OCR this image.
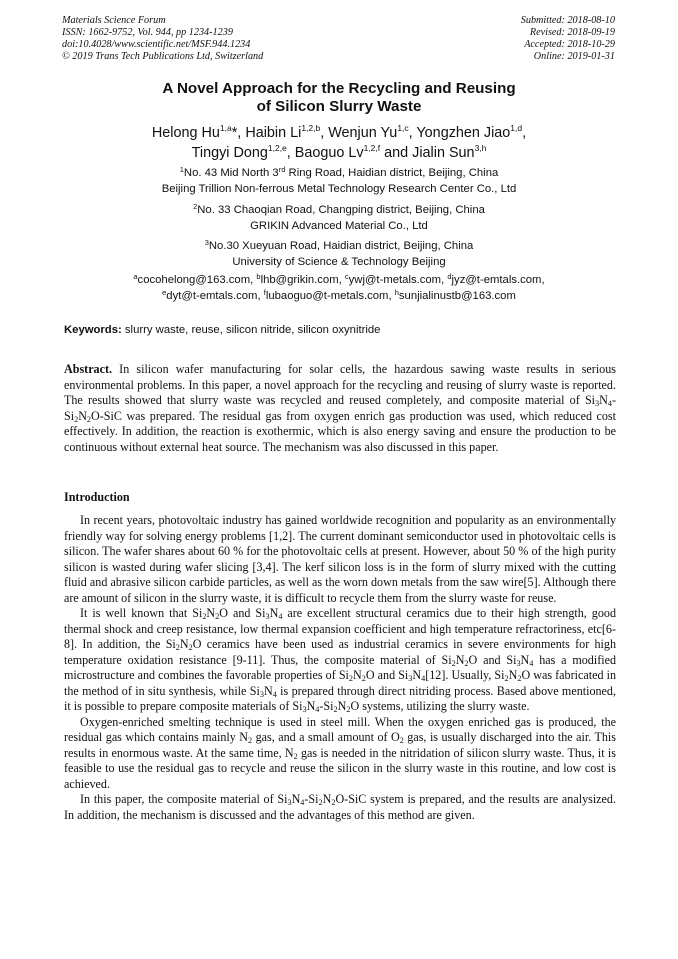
Materials Science Forum
ISSN: 1662-9752, Vol. 944, pp 1234-1239
doi:10.4028/www.scientific.net/MSF.944.1234
© 2019 Trans Tech Publications Ltd, Switzerland
Submitted: 2018-08-10
Revised: 2018-09-19
Accepted: 2018-10-29
Online: 2019-01-31
A Novel Approach for the Recycling and Reusing
of Silicon Slurry Waste
Helong Hu$^{1,a}$*, Haibin Li$^{1,2,b}$, Wenjun Yu$^{1,c}$, Yongzhen Jiao$^{1,d}$,
Tingyi Dong$^{1,2,e}$, Baoguo Lv$^{1,2,f}$ and Jialin Sun$^{3,h}$
$^1$No. 43 Mid North 3rd Ring Road, Haidian district, Beijing, China
Beijing Trillion Non-ferrous Metal Technology Research Center Co., Ltd
$^2$No. 33 Chaoqian Road, Changping district, Beijing, China
GRIKIN Advanced Material Co., Ltd
$^3$No.30 Xueyuan Road, Haidian district, Beijing, China
University of Science & Technology Beijing
$^a$cocohelong@163.com, $^b$lhb@grikin.com, $^c$ywj@t-metals.com, $^d$jyz@t-emtals.com,
$^e$dyt@t-emtals.com, $^f$lubaoguo@t-metals.com, $^h$sunjialinustb@163.com
Keywords: slurry waste, reuse, silicon nitride, silicon oxynitride
Abstract. In silicon wafer manufacturing for solar cells, the hazardous sawing waste results in serious environmental problems. In this paper, a novel approach for the recycling and reusing of slurry waste is reported. The results showed that slurry waste was recycled and reused completely, and composite material of $Si_3N_4-Si_2N_2O$-SiC was prepared. The residual gas from oxygen enrich gas production was used, which reduced cost effectively. In addition, the reaction is exothermic, which is also energy saving and ensure the production to be continuous without external heat source. The mechanism was also discussed in this paper.
Introduction

In recent years, photovoltaic industry has gained worldwide recognition and popularity as an environmentally friendly way for solving energy problems [1,2]. The current dominant semiconductor used in photovoltaic cells is silicon. The wafer shares about 60 % for the photovoltaic cells at present. However, about 50 % of the high purity silicon is wasted during wafer slicing [3,4]. The kerf silicon loss is in the form of slurry mixed with the cutting fluid and abrasive silicon carbide particles, as well as the worn down metals from the saw wire[5]. Although there are amount of silicon in the slurry waste, it is difficult to recycle them from the slurry waste for reuse.

It is well known that $Si_2N_2O$ and $Si_3N_4$ are excellent structural ceramics due to their high strength, good thermal shock and creep resistance, low thermal expansion coefficient and high temperature refractoriness, etc[6-8]. In addition, the $Si_2N_2O$ ceramics have been used as industrial ceramics in severe environments for high temperature oxidation resistance [9-11]. Thus, the composite material of $Si_2N_2O$ and $Si_3N_4$ has a modified microstructure and combines the favorable properties of $Si_2N_2O$ and $Si_3N_4[12]$. Usually, $Si_2N_2O$ was fabricated in the method of in situ synthesis, while $Si_3N_4$ is prepared through direct nitriding process. Based above mentioned, it is possible to prepare composite materials of $Si_3N_4-Si_2N_2O$ systems, utilizing the slurry waste.

Oxygen-enriched smelting technique is used in steel mill. When the oxygen enriched gas is produced, the residual gas which contains mainly $N_2$ gas, and a small amount of $O_2$ gas, is usually discharged into the air. This results in enormous waste. At the same time, $N_2$ gas is needed in the nitridation of silicon slurry waste. Thus, it is feasible to use the residual gas to recycle and reuse the silicon in the slurry waste in this routine, and low cost is achieved.

In this paper, the composite material of $Si_3N_4-Si_2N_2O$-SiC system is prepared, and the results are analysized. In addition, the mechanism is discussed and the advantages of this method are given.
